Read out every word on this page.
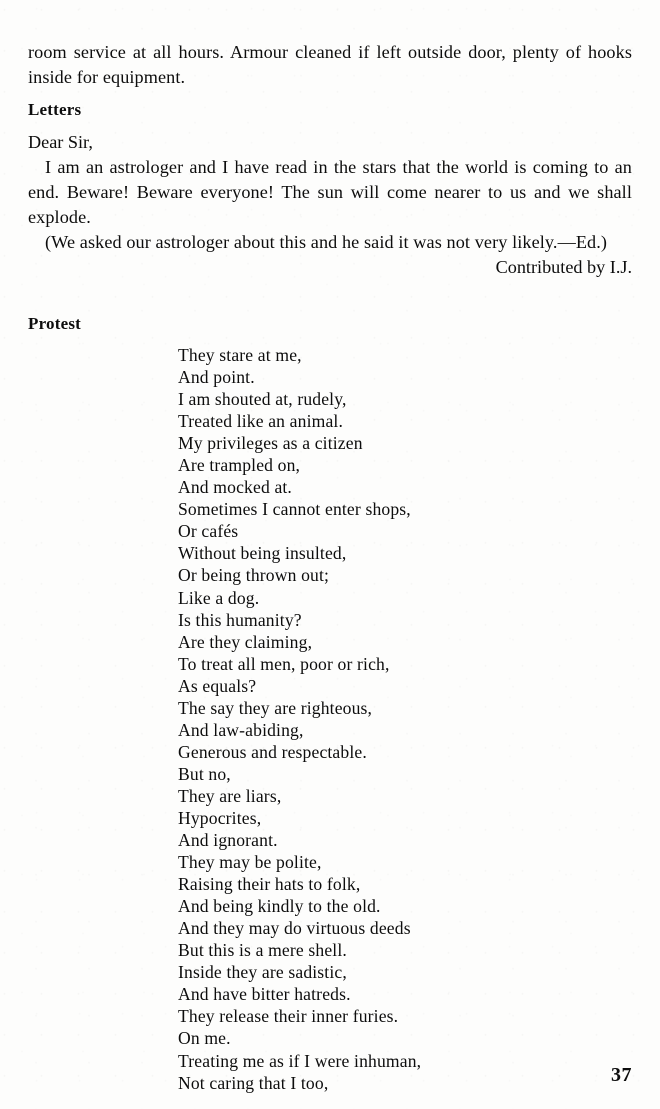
room service at all hours. Armour cleaned if left outside door, plenty of hooks inside for equipment.

Letters

Dear Sir,

I am an astrologer and I have read in the stars that the world is coming to an end. Beware! Beware everyone! The sun will come nearer to us and we shall explode.

(We asked our astrologer about this and he said it was not very likely.—Ed.)

Contributed by I.J.

Protest
They stare at me,
And point.
I am shouted at, rudely,
Treated like an animal.
My privileges as a citizen
Are trampled on,
And mocked at.
Sometimes I cannot enter shops,
Or cafés
Without being insulted,
Or being thrown out;
Like a dog.
Is this humanity?
Are they claiming,
To treat all men, poor or rich,
As equals?
The say they are righteous,
And law-abiding,
Generous and respectable.
But no,
They are liars,
Hypocrites,
And ignorant.
They may be polite,
Raising their hats to folk,
And being kindly to the old.
And they may do virtuous deeds
But this is a mere shell.
Inside they are sadistic,
And have bitter hatreds.
They release their inner furies.
On me.
Treating me as if I were inhuman,
Not caring that I too,	37
